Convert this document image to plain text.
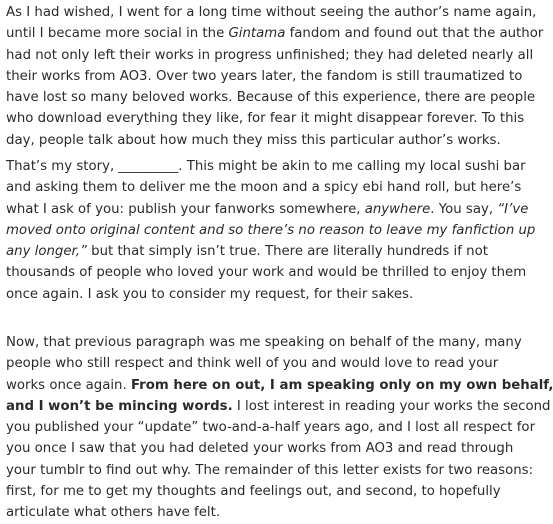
As I had wished, I went for a long time without seeing the author’s name again,
until I became more social in the Gintama fandom and found out that the author
had not only left their works in progress unfinished; they had deleted nearly all
their works from AO3. Over two years later, the fandom is still traumatized to
have lost so many beloved works. Because of this experience, there are people
who download everything they like, for fear it might disappear forever. To this
day, people talk about how much they miss this particular author’s works.

That’s my story, _________. This might be akin to me calling my local sushi bar
and asking them to deliver me the moon and a spicy ebi hand roll, but here’s
what I ask of you: publish your fanworks somewhere, anywhere. You say, “I’ve
moved onto original content and so there’s no reason to leave my fanfiction up
any longer,” but that simply isn’t true. There are literally hundreds if not
thousands of people who loved your work and would be thrilled to enjoy them
once again. I ask you to consider my request, for their sakes.

Now, that previous paragraph was me speaking on behalf of the many, many
people who still respect and think well of you and would love to read your
works once again. From here on out, I am speaking only on my own behalf,
and I won’t be mincing words. I lost interest in reading your works the second
you published your “update” two-and-a-half years ago, and I lost all respect for
you once I saw that you had deleted your works from AO3 and read through
your tumblr to find out why. The remainder of this letter exists for two reasons:
first, for me to get my thoughts and feelings out, and second, to hopefully
articulate what others have felt.
